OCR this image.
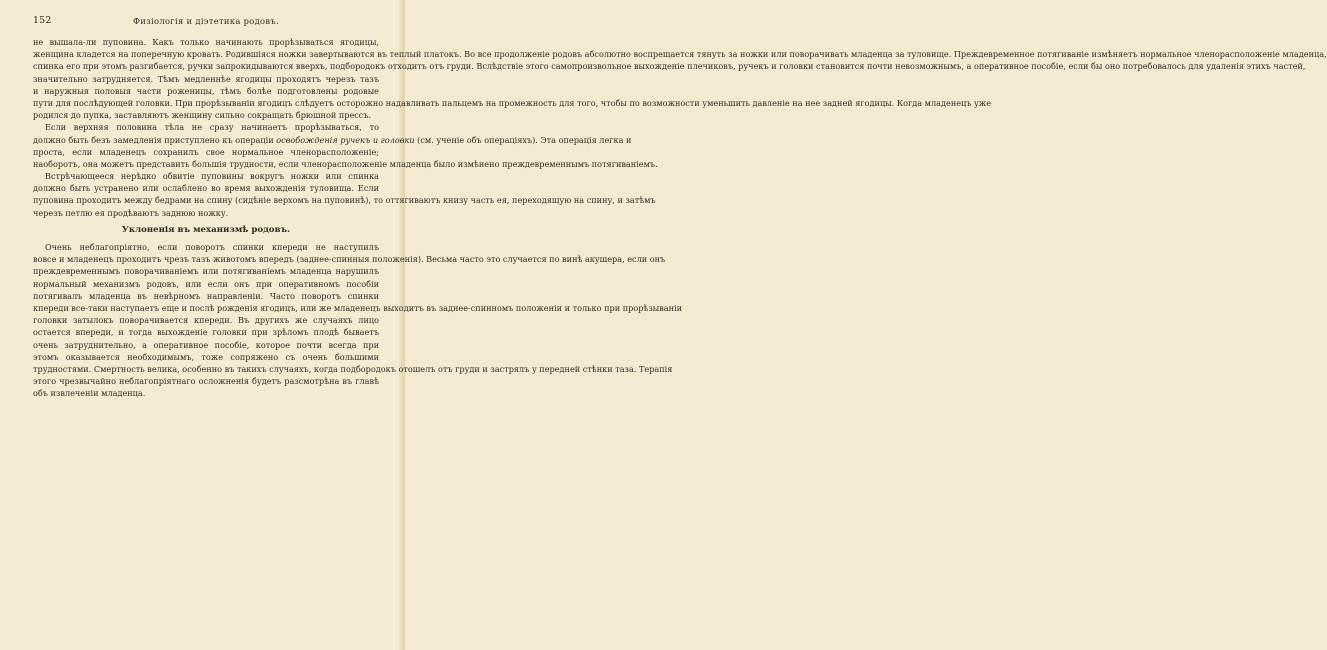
152	Физіологія и діэтетика родовъ.
не вышала-ли пуповина. Какъ только начинають прорѣзываться ягодицы,
женщина кладется на поперечную кровать. Родившіяся ножки завертываются въ теплый платокъ. Во все продолженіе родовъ абсолютно воспрещается тянуть за ножки или поворачивать младенца за туловище. Преждевременное потягиваніе измѣняетъ нормальное членорасположеніе младенца,
спинка его при этомъ разгибается, ручки запрокидываются вверхъ, подбородокъ отходитъ отъ груди. Вслѣдствіе этого самопроизвольное выхожденіе плечиковъ, ручекъ и головки становится почти невозможнымъ, а оперативное пособіе, если бы оно потребовалось для удаленія этихъ частей,
значительно затрудняется. Тѣмъ медленнѣе ягодицы проходятъ черезъ тазъ
и наружныя половыя части роженицы, тѣмъ болѣе подготовлены родовые
пути для послѣдующей головки. При прорѣзываніи ягодицъ слѣдуетъ осторожно надавливать пальцемъ на промежность для того, чтобы по возможности уменьшить давленіе на нее задней ягодицы. Когда младенецъ уже
родился до пупка, заставляютъ женщину сильно сокращать брюшной прессъ.
Если верхняя половина тѣла не сразу начинаетъ прорѣзываться, то
должно быть безъ замедленія приступлено къ операціи освобожденія ручекъ и головки (см. ученіе объ операціяхъ). Эта операція легка и
проста, если младенецъ сохранилъ свое нормальное членорасположеніе;
наоборотъ, она можетъ представить большія трудности, если членорасположеніе младенца было измѣнено преждевременнымъ потягиваніемъ.
Встрѣчающееся нерѣдко обвитіе пуповины вокругъ ножки или спинка
должно быть устранено или ослаблено во время выхожденія туловища. Если
пуповина проходитъ между бедрами на спину (сидѣніе верхомъ на пуповинѣ), то оттягиваютъ книзу часть ея, переходящую на спину, и затѣмъ
черезъ петлю ея продѣваютъ заднюю ножку.
Уклоненія въ механизмѣ родовъ.
Очень неблагопріятно, если поворотъ спинки кпереди не наступилъ
вовсе и младенецъ проходитъ чрезъ тазъ животомъ впередъ (заднее-спинныя положенія). Весьма часто это случается по винѣ акушера, если онъ
преждевременнымъ поворачиваніемъ или потягиваніемъ младенца нарушилъ
нормальный механизмъ родовъ, или если онъ при оперативномъ пособіи
потягивалъ младенца въ невѣрномъ направленіи. Часто поворотъ спинки
кпереди все-таки наступаетъ еще и послѣ рожденія ягодицъ, или же младенецъ выходитъ въ заднее-спинномъ положеніи и только при прорѣзываніи
головки затылокъ поворачивается кпереди. Въ другихъ же случаяхъ лицо
остается впереди, и тогда выхожденіе головки при зрѣломъ плодѣ бываетъ
очень затруднительно, а оперативное пособіе, которое почти всегда при
этомъ оказывается необходимымъ, тоже сопряжено съ очень большими
трудностями. Смертность велика, особенно въ такихъ случаяхъ, когда подбородокъ отошелъ отъ груди и застрялъ у передней стѣнки таза. Терапія
этого чрезвычайно неблагопріятнаго осложненія будетъ разсмотрѣна въ главѣ
объ извлеченіи младенца.
